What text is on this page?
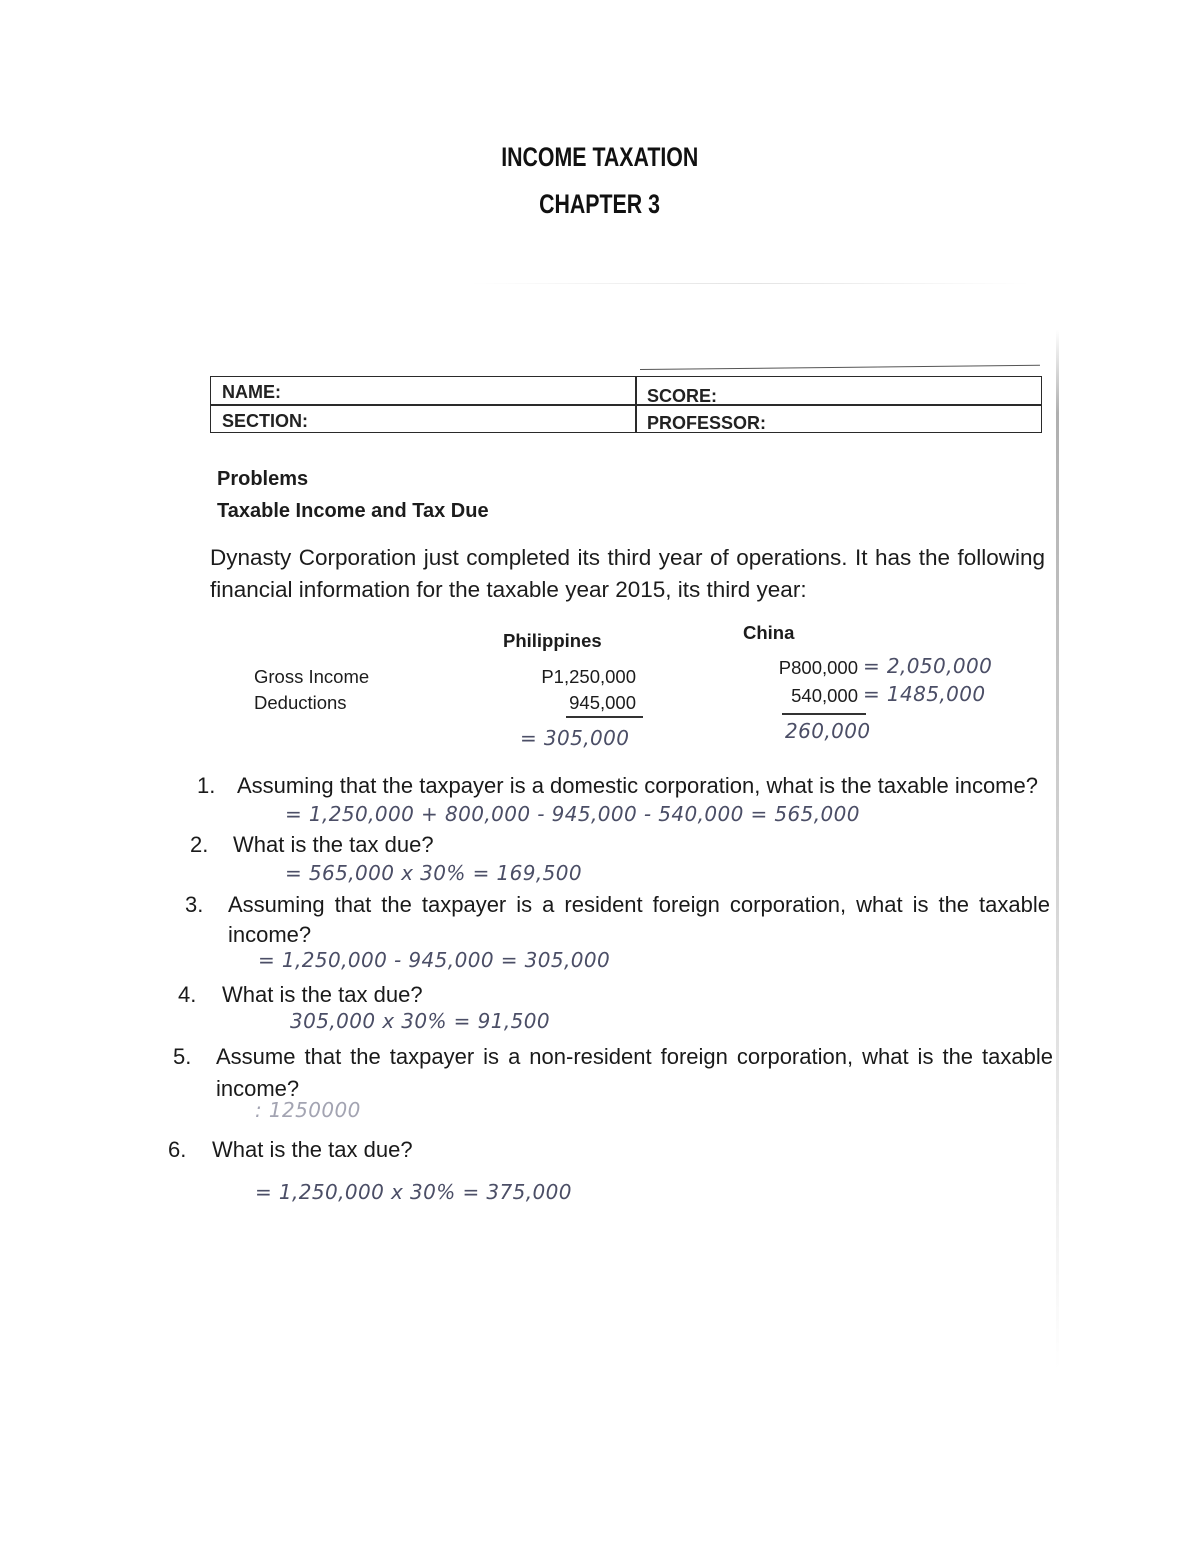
INCOME TAXATION
CHAPTER 3
NAME:
SECTION:
SCORE:
PROFESSOR:
Problems
Taxable Income and Tax Due
Dynasty Corporation just completed its third year of operations. It has the following financial information for the taxable year 2015, its third year:
Philippines	China
Gross Income
Deductions
P1,250,000
945,000
= 305,000
P800,000 = 2,050,000
540,000 = 1485,000
260,000
1. Assuming that the taxpayer is a domestic corporation, what is the taxable income?
= 1,250,000 + 800,000 - 945,000 - 540,000 = 565,000
2. What is the tax due?
= 565,000 x 30% = 169,500
3. Assuming that the taxpayer is a resident foreign corporation, what is the taxable income?
= 1,250,000 - 945,000 = 305,000
4. What is the tax due?
305,000 x 30% = 91,500
5. Assume that the taxpayer is a non-resident foreign corporation, what is the taxable income?
: 1250000
6. What is the tax due?
= 1,250,000 x 30% = 375,000
